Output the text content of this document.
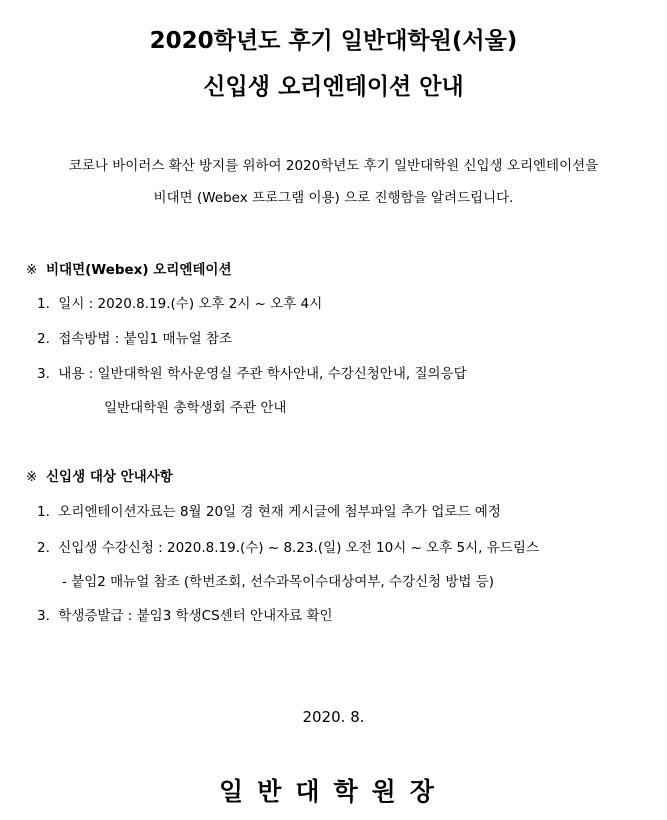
2020학년도 후기 일반대학원(서울)
신입생 오리엔테이션 안내
코로나 바이러스 확산 방지를 위하여 2020학년도 후기 일반대학원 신입생 오리엔테이션을
비대면 (Webex 프로그램 이용) 으로 진행함을 알려드립니다.
※ 비대면(Webex) 오리엔테이션
1. 일시 : 2020.8.19.(수) 오후 2시 ~ 오후 4시
2. 접속방법 : 붙임1 매뉴얼 참조
3. 내용 : 일반대학원 학사운영실 주관 학사안내, 수강신청안내, 질의응답
일반대학원 총학생회 주관 안내
※ 신입생 대상 안내사항
1. 오리엔테이션자료는 8월 20일 경 현재 게시글에 첨부파일 추가 업로드 예정
2. 신입생 수강신청 : 2020.8.19.(수) ~ 8.23.(일) 오전 10시 ~ 오후 5시, 유드림스
- 붙임2 매뉴얼 참조 (학번조회, 선수과목이수대상여부, 수강신청 방법 등)
3. 학생증발급 : 붙임3 학생CS센터 안내자료 확인
2020. 8.
일반대학원장
